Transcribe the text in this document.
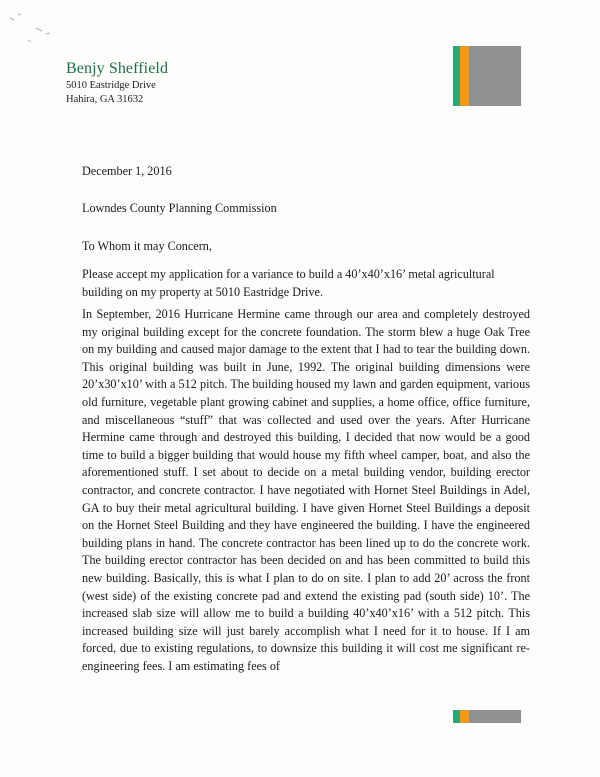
Benjy Sheffield
5010 Eastridge Drive
Hahira, GA 31632
December 1, 2016
Lowndes County Planning Commission
To Whom it may Concern,

Please accept my application for a variance to build a 40’x40’x16’ metal agricultural building on my property at 5010 Eastridge Drive.

In September, 2016 Hurricane Hermine came through our area and completely destroyed my original building except for the concrete foundation. The storm blew a huge Oak Tree on my building and caused major damage to the extent that I had to tear the building down. This original building was built in June, 1992. The original building dimensions were 20’x30’x10’ with a 512 pitch. The building housed my lawn and garden equipment, various old furniture, vegetable plant growing cabinet and supplies, a home office, office furniture, and miscellaneous “stuff” that was collected and used over the years. After Hurricane Hermine came through and destroyed this building, I decided that now would be a good time to build a bigger building that would house my fifth wheel camper, boat, and also the aforementioned stuff. I set about to decide on a metal building vendor, building erector contractor, and concrete contractor. I have negotiated with Hornet Steel Buildings in Adel, GA to buy their metal agricultural building. I have given Hornet Steel Buildings a deposit on the Hornet Steel Building and they have engineered the building. I have the engineered building plans in hand. The concrete contractor has been lined up to do the concrete work. The building erector contractor has been decided on and has been committed to build this new building. Basically, this is what I plan to do on site. I plan to add 20’ across the front (west side) of the existing concrete pad and extend the existing pad (south side) 10’. The increased slab size will allow me to build a building 40’x40’x16’ with a 512 pitch. This increased building size will just barely accomplish what I need for it to house. If I am forced, due to existing regulations, to downsize this building it will cost me significant re-engineering fees. I am estimating fees of
